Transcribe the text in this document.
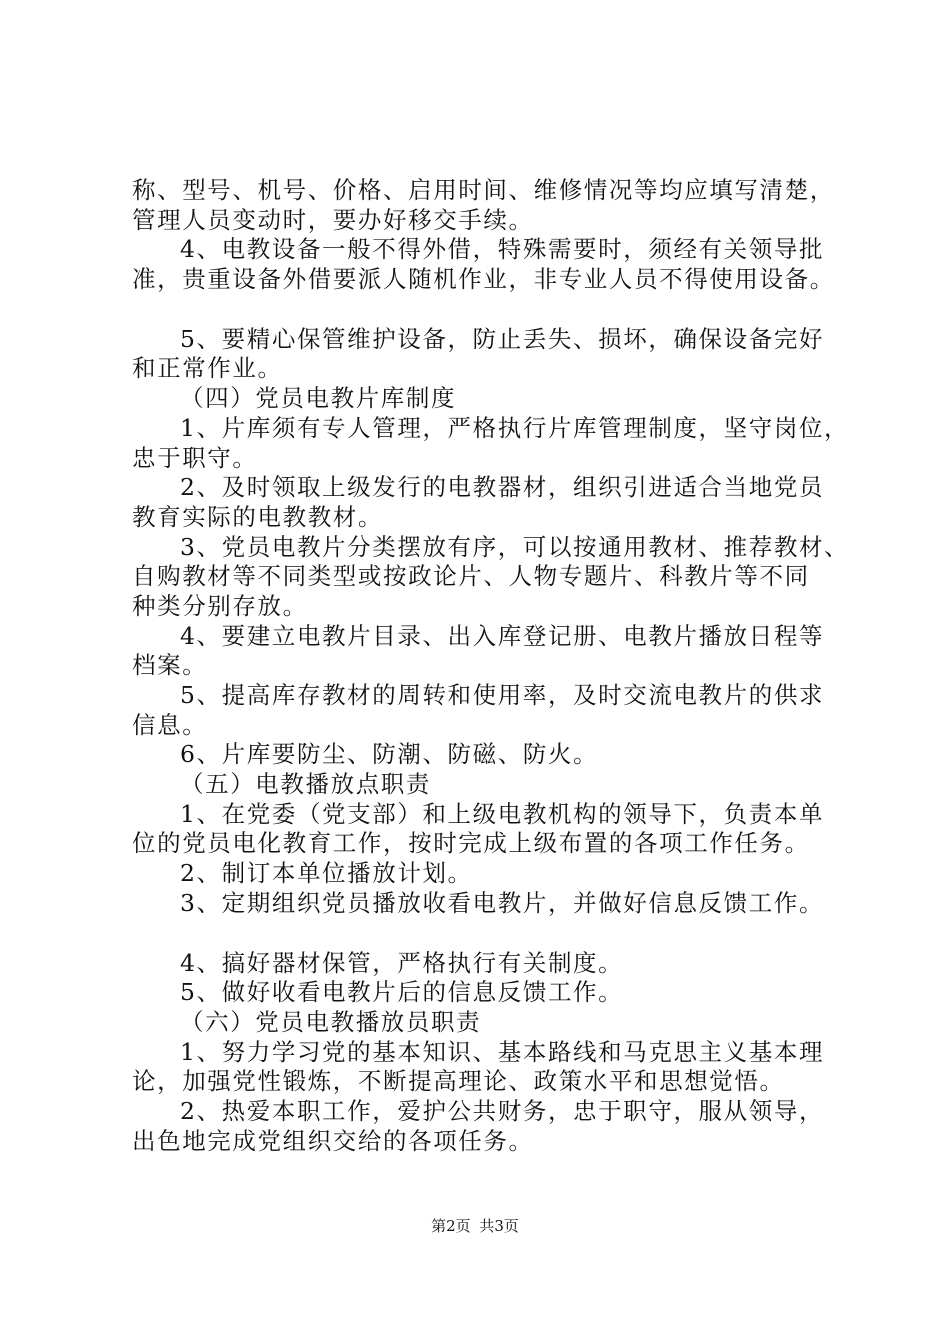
称、型号、机号、价格、启用时间、维修情况等均应填写清楚，
管理人员变动时，要办好移交手续。
4、电教设备一般不得外借，特殊需要时，须经有关领导批
准，贵重设备外借要派人随机作业，非专业人员不得使用设备。
5、要精心保管维护设备，防止丢失、损坏，确保设备完好
和正常作业。
（四）党员电教片库制度
1、片库须有专人管理，严格执行片库管理制度，坚守岗位，
忠于职守。
2、及时领取上级发行的电教器材，组织引进适合当地党员
教育实际的电教教材。
3、党员电教片分类摆放有序，可以按通用教材、推荐教材、
自购教材等不同类型或按政论片、人物专题片、科教片等不同
种类分别存放。
4、要建立电教片目录、出入库登记册、电教片播放日程等
档案。
5、提高库存教材的周转和使用率，及时交流电教片的供求
信息。
6、片库要防尘、防潮、防磁、防火。
（五）电教播放点职责
1、在党委（党支部）和上级电教机构的领导下，负责本单
位的党员电化教育工作，按时完成上级布置的各项工作任务。
2、制订本单位播放计划。
3、定期组织党员播放收看电教片，并做好信息反馈工作。
4、搞好器材保管，严格执行有关制度。
5、做好收看电教片后的信息反馈工作。
（六）党员电教播放员职责
1、努力学习党的基本知识、基本路线和马克思主义基本理
论，加强党性锻炼，不断提高理论、政策水平和思想觉悟。
2、热爱本职工作，爱护公共财务，忠于职守，服从领导，
出色地完成党组织交给的各项任务。
第2页 共3页
